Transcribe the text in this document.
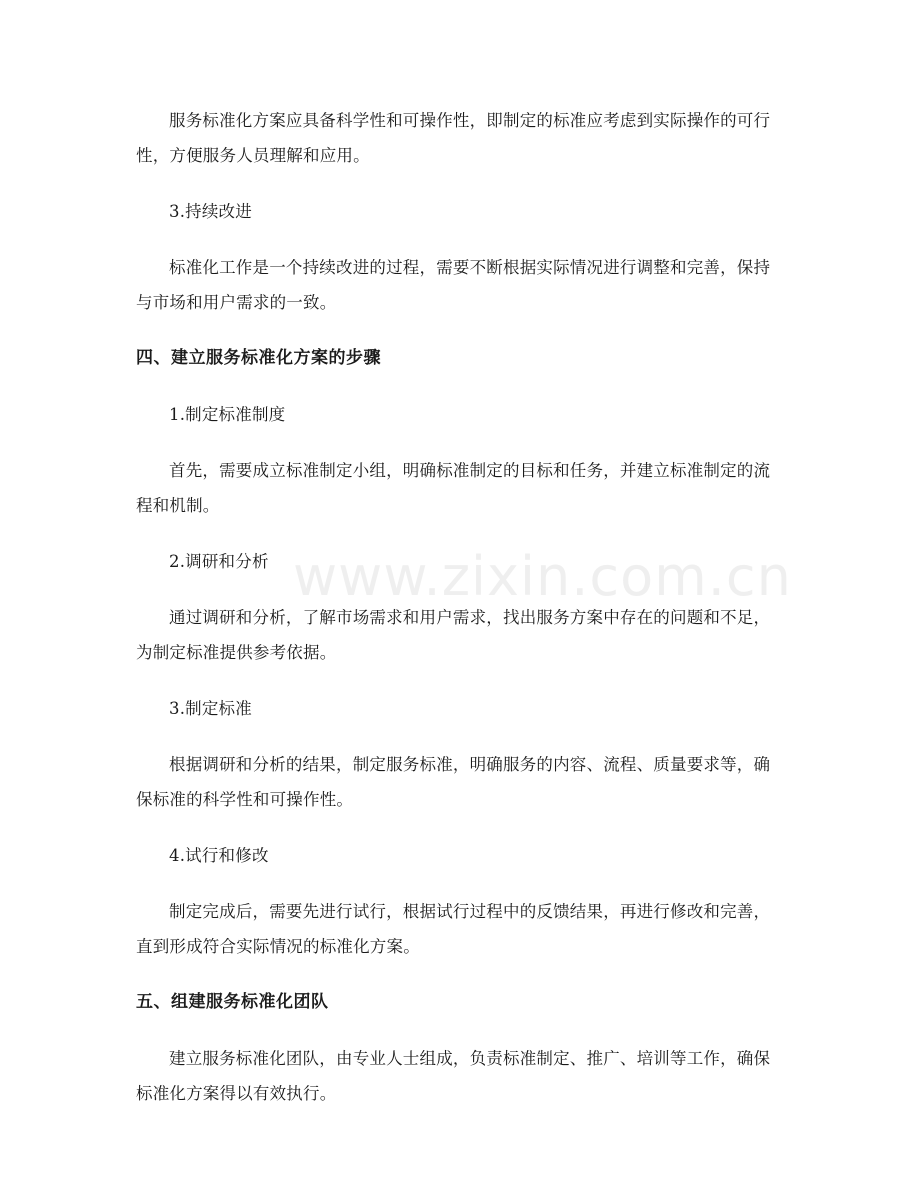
服务标准化方案应具备科学性和可操作性，即制定的标准应考虑到实际操作的可行性，方便服务人员理解和应用。

3.持续改进

标准化工作是一个持续改进的过程，需要不断根据实际情况进行调整和完善，保持与市场和用户需求的一致。

四、建立服务标准化方案的步骤

1.制定标准制度

首先，需要成立标准制定小组，明确标准制定的目标和任务，并建立标准制定的流程和机制。

2.调研和分析

通过调研和分析，了解市场需求和用户需求，找出服务方案中存在的问题和不足，为制定标准提供参考依据。

3.制定标准

根据调研和分析的结果，制定服务标准，明确服务的内容、流程、质量要求等，确保标准的科学性和可操作性。

4.试行和修改

制定完成后，需要先进行试行，根据试行过程中的反馈结果，再进行修改和完善，直到形成符合实际情况的标准化方案。

五、组建服务标准化团队

建立服务标准化团队，由专业人士组成，负责标准制定、推广、培训等工作，确保标准化方案得以有效执行。

www.zixin.com.cn
